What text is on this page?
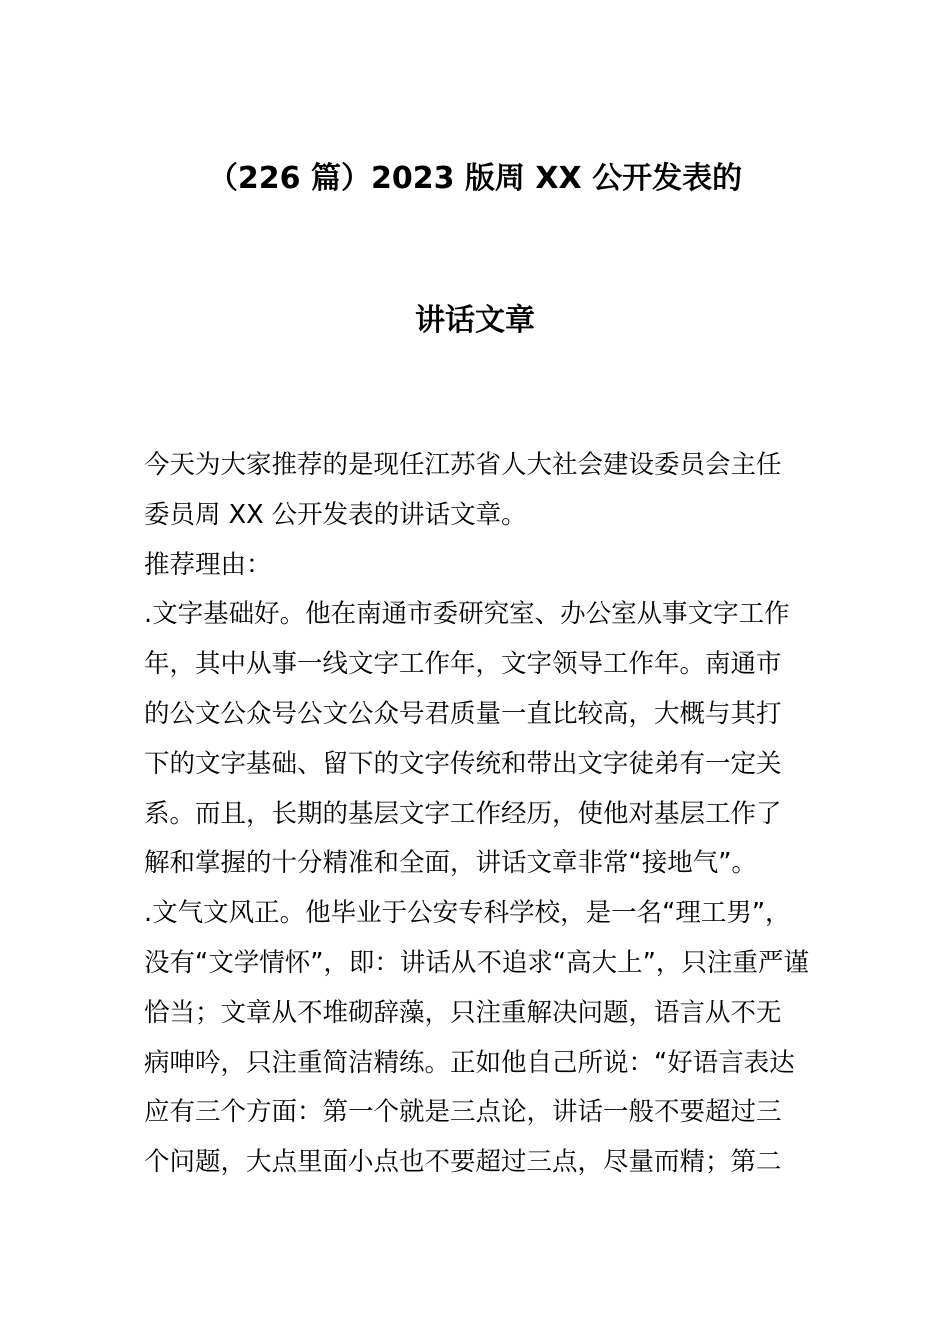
（226 篇）2023 版周 XX 公开发表的
讲话文章
今天为大家推荐的是现任江苏省人大社会建设委员会主任
委员周 XX 公开发表的讲话文章。
推荐理由：
.文字基础好。他在南通市委研究室、办公室从事文字工作
年，其中从事一线文字工作年，文字领导工作年。南通市
的公文公众号公文公众号君质量一直比较高，大概与其打
下的文字基础、留下的文字传统和带出文字徒弟有一定关
系。而且，长期的基层文字工作经历，使他对基层工作了
解和掌握的十分精准和全面，讲话文章非常“接地气”。
.文气文风正。他毕业于公安专科学校，是一名“理工男”，
没有“文学情怀”，即：讲话从不追求“高大上”，只注重严谨
恰当；文章从不堆砌辞藻，只注重解决问题，语言从不无
病呻吟，只注重简洁精练。正如他自己所说：“好语言表达
应有三个方面：第一个就是三点论，讲话一般不要超过三
个问题，大点里面小点也不要超过三点，尽量而精；第二
